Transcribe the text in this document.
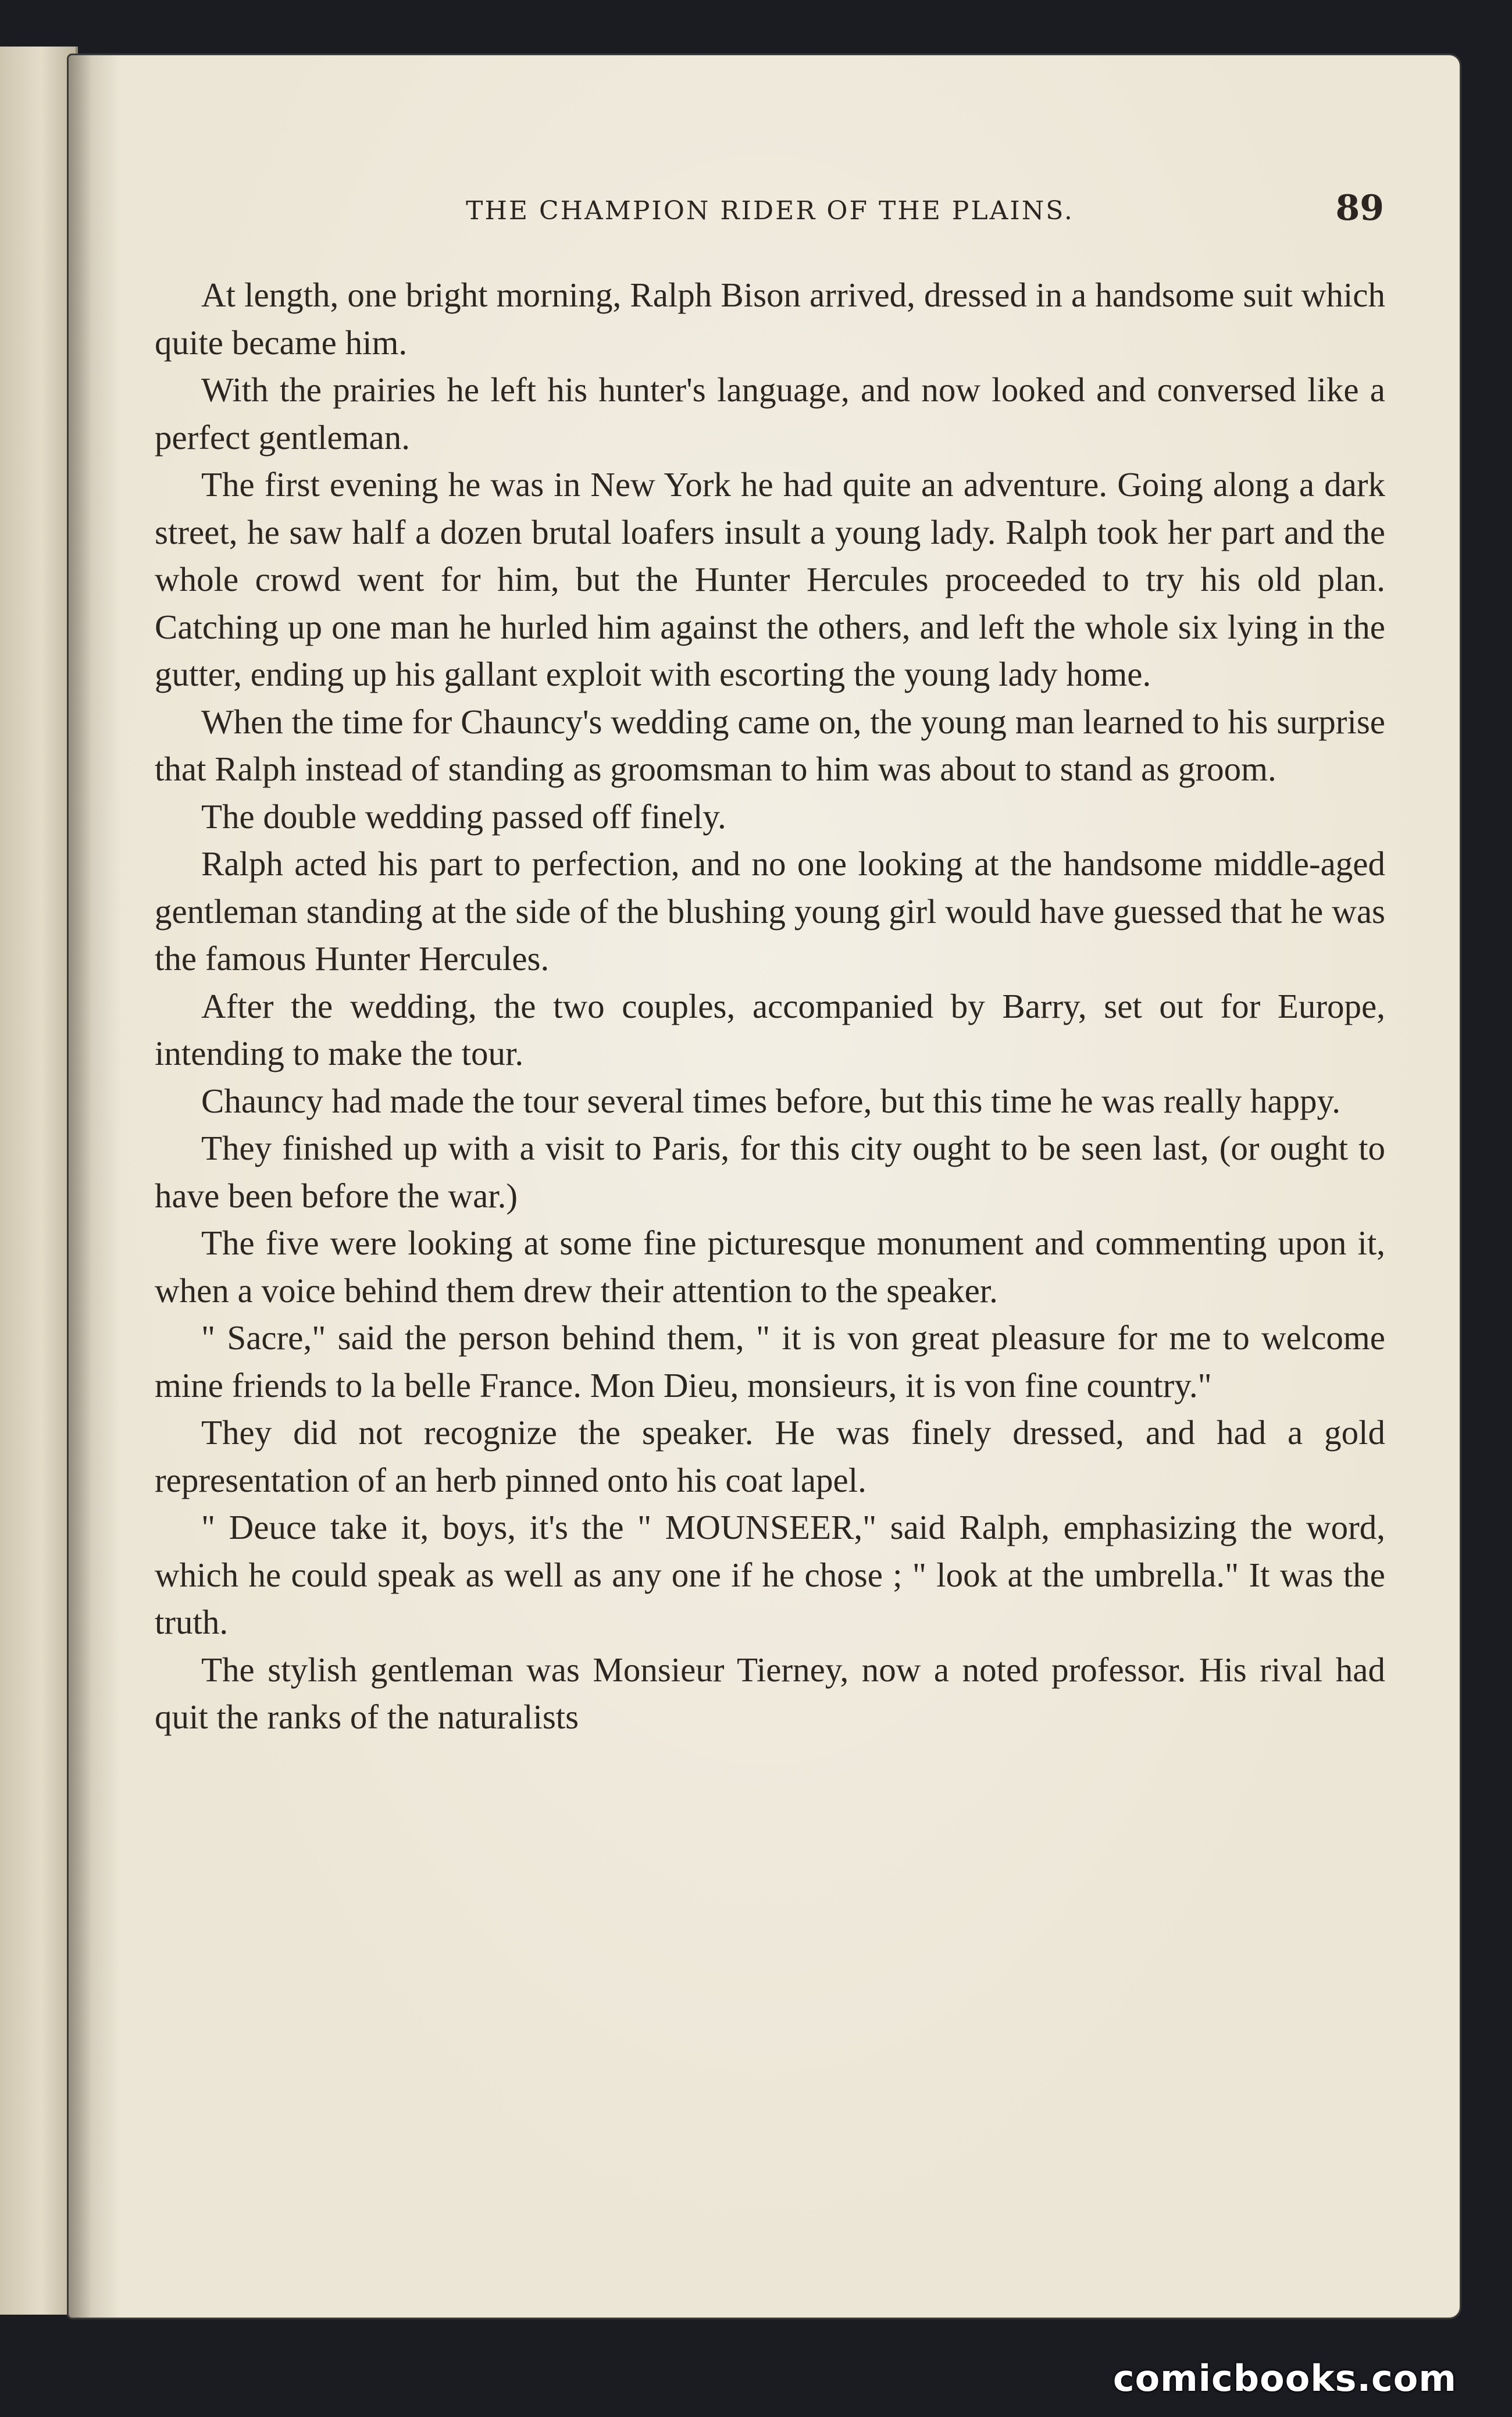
THE CHAMPION RIDER OF THE PLAINS.	89

At length, one bright morning, Ralph Bison arrived, dressed in a handsome suit which quite became him.

With the prairies he left his hunter's language, and now looked and conversed like a perfect gentleman.

The first evening he was in New York he had quite an adventure. Going along a dark street, he saw half a dozen brutal loafers insult a young lady. Ralph took her part and the whole crowd went for him, but the Hunter Hercules proceeded to try his old plan. Catching up one man he hurled him against the others, and left the whole six lying in the gutter, ending up his gallant exploit with escorting the young lady home.

When the time for Chauncy's wedding came on, the young man learned to his surprise that Ralph instead of standing as groomsman to him was about to stand as groom.

The double wedding passed off finely.

Ralph acted his part to perfection, and no one looking at the handsome middle-aged gentleman standing at the side of the blushing young girl would have guessed that he was the famous Hunter Hercules.

After the wedding, the two couples, accompanied by Barry, set out for Europe, intending to make the tour.

Chauncy had made the tour several times before, but this time he was really happy.

They finished up with a visit to Paris, for this city ought to be seen last, (or ought to have been before the war.)

The five were looking at some fine picturesque monument and commenting upon it, when a voice behind them drew their attention to the speaker.

" Sacre," said the person behind them, " it is von great pleasure for me to welcome mine friends to la belle France. Mon Dieu, monsieurs, it is von fine country."

They did not recognize the speaker. He was finely dressed, and had a gold representation of an herb pinned onto his coat lapel.

" Deuce take it, boys, it's the " MOUNSEER," said Ralph, emphasizing the word, which he could speak as well as any one if he chose ; " look at the umbrella." It was the truth.

The stylish gentleman was Monsieur Tierney, now a noted professor. His rival had quit the ranks of the naturalists

comicbooks.com
